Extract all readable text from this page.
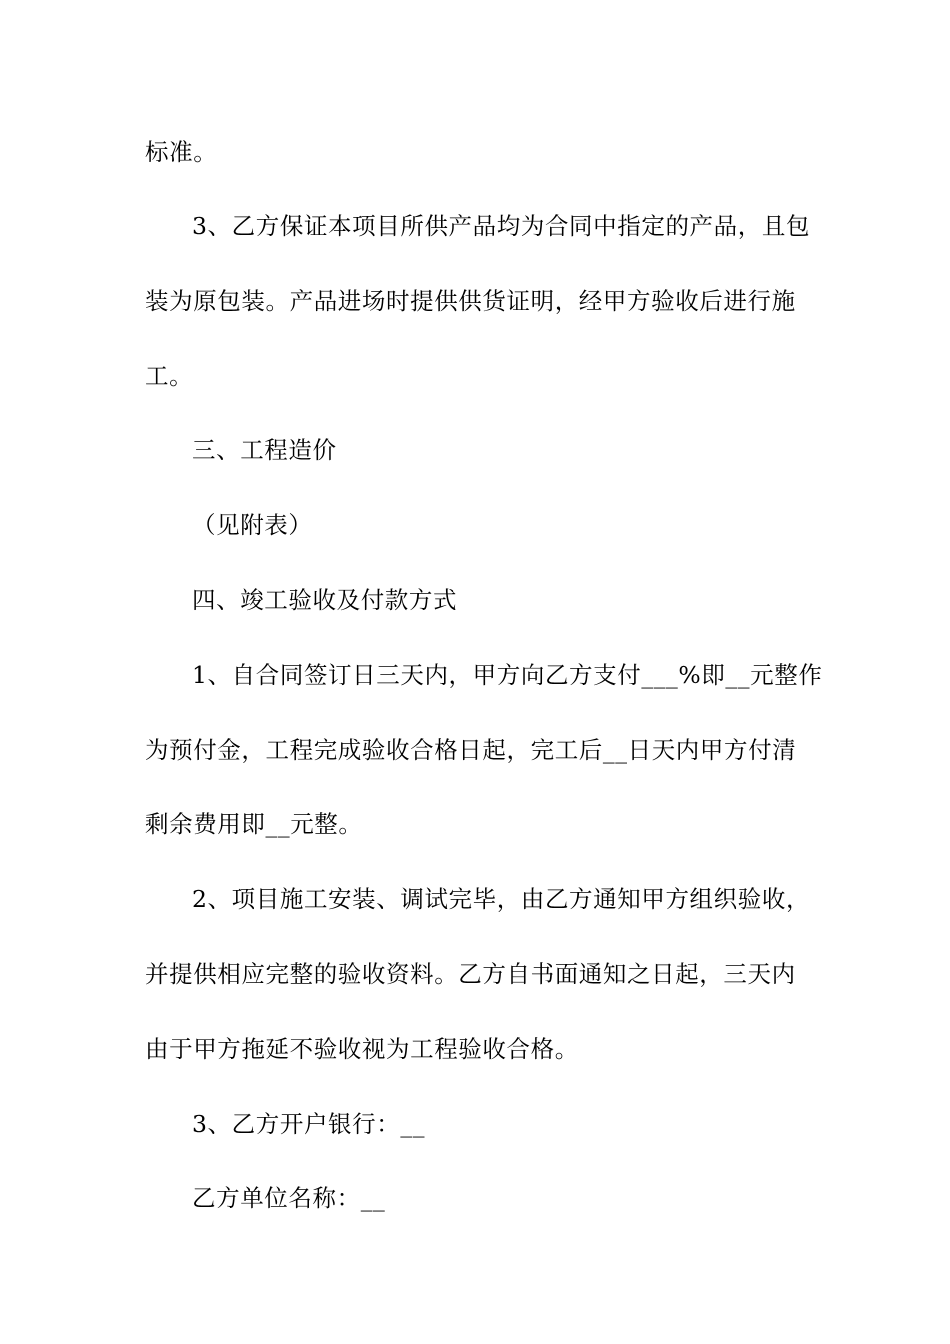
标准。

3、乙方保证本项目所供产品均为合同中指定的产品，且包

装为原包装。产品进场时提供供货证明，经甲方验收后进行施

工。

三、工程造价

（见附表）

四、竣工验收及付款方式

1、自合同签订日三天内，甲方向乙方支付___%即__元整作

为预付金，工程完成验收合格日起，完工后__日天内甲方付清

剩余费用即__元整。

2、项目施工安装、调试完毕，由乙方通知甲方组织验收，

并提供相应完整的验收资料。乙方自书面通知之日起，三天内

由于甲方拖延不验收视为工程验收合格。

3、乙方开户银行：__

乙方单位名称：__
